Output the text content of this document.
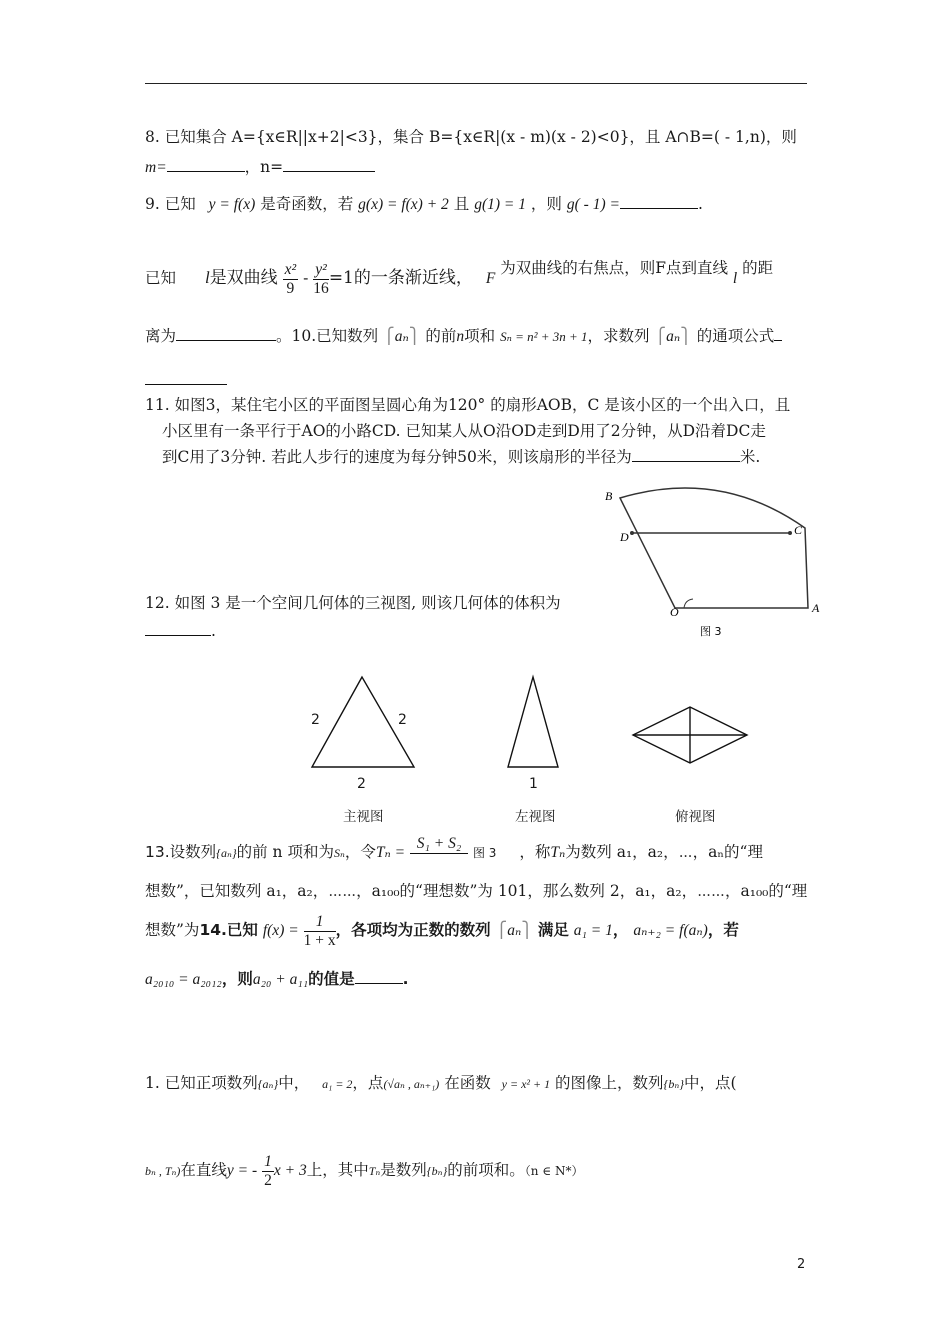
8. 已知集合 A={x∈R||x+2|<3}，集合 B={x∈R|(x - m)(x - 2)<0}，且 A∩B=( - 1,n)，则
m=	，n=
9. 已知 y = f(x) 是奇函数，若 g(x) = f(x) + 2 且 g(1) = 1 ，则 g( - 1) =	.
已知 l是双曲线 $\frac{\text{x²}}{9} - \frac{\text{y²}}{16} =1$的一条渐近线， F 为双曲线的右焦点，则F点到直线 l 的距
离为	。10.已知数列 ⎧aₙ⎫ 的前n项和 Sₙ = n² + 3n + 1，求数列 ⎧aₙ⎫ 的通项公式
11. 如图3，某住宅小区的平面图呈圆心角为120° 的扇形AOB，C 是该小区的一个出入口，且
小区里有一条平行于AO的小路CD. 已知某人从O沿OD走到D用了2分钟，从D沿着DC走
到C用了3分钟. 若此人步行的速度为每分钟50米，则该扇形的半径为	米.
B
C
D
O	A
图 3
12. 如图 3 是一个空间几何体的三视图, 则该几何体的体积为
.
2	2
2	1
主视图	左视图	俯视图
13.设数列{aₙ}的前 n 项和为Sₙ，令Tₙ =
S₁ + S₂
图 3 ，称Tₙ为数列 a₁，a₂，⋯，aₙ的“理
想数”，已知数列 a₁，a₂，⋯⋯，a₁₀₀的“理想数”为 101，那么数列 2，a₁，a₂，⋯⋯，a₁₀₀的“理
想数”为14.已知 $f(x) = \frac{1}{1 + x}$ ，各项均为正数的数列 ⎧aₙ⎫ 满足 a₁ = 1， aₙ₊₂ = f(aₙ)，若
a₂₀₁₀ = a₂₀₁₂，则a₂₀ + a₁₁的值是	.
1. 已知正项数列{aₙ}中， a₁ = 2，点(√aₙ , aₙ₊₁) 在函数 y = x² + 1 的图像上，数列{bₙ}中，点(
bₙ , Tₙ)在直线y = - $\frac{1}{2}$ x + 3上，其中Tₙ是数列{bₙ}的前项和。（n ∈ N*）
2
